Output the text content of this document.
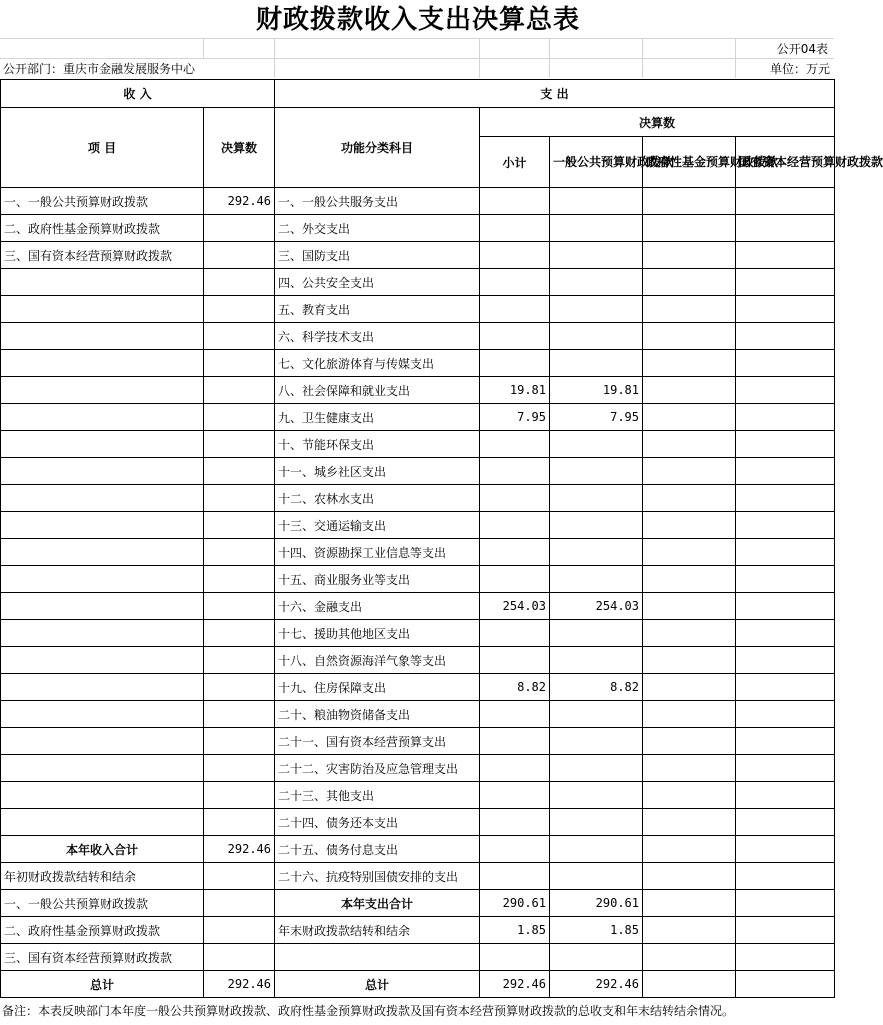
财政拨款收入支出决算总表
公开04表
公开部门：重庆市金融发展服务中心	单位：万元
收 入		支 出				
项 目	决算数	功能分类科目	决算数			
			小计	一般公共预算财政拨款	政府性基金预算财政拨款	国有资本经营预算财政拨款
一、一般公共预算财政拨款	292.46	一、一般公共服务支出				
二、政府性基金预算财政拨款		二、外交支出				
三、国有资本经营预算财政拨款		三、国防支出				
		四、公共安全支出				
		五、教育支出				
		六、科学技术支出				
		七、文化旅游体育与传媒支出				
		八、社会保障和就业支出	19.81	19.81		
		九、卫生健康支出	7.95	7.95		
		十、节能环保支出				
		十一、城乡社区支出				
		十二、农林水支出				
		十三、交通运输支出				
		十四、资源勘探工业信息等支出				
		十五、商业服务业等支出				
		十六、金融支出	254.03	254.03		
		十七、援助其他地区支出				
		十八、自然资源海洋气象等支出				
		十九、住房保障支出	8.82	8.82		
		二十、粮油物资储备支出				
		二十一、国有资本经营预算支出				
		二十二、灾害防治及应急管理支出				
		二十三、其他支出				
		二十四、债务还本支出				
本年收入合计	292.46	二十五、债务付息支出				
年初财政拨款结转和结余		二十六、抗疫特别国债安排的支出				
一、一般公共预算财政拨款		本年支出合计	290.61	290.61		
二、政府性基金预算财政拨款		年末财政拨款结转和结余	1.85	1.85		
三、国有资本经营预算财政拨款						
总计	292.46	总计	292.46	292.46		
备注：本表反映部门本年度一般公共预算财政拨款、政府性基金预算财政拨款及国有资本经营预算财政拨款的总收支和年末结转结余情况。
